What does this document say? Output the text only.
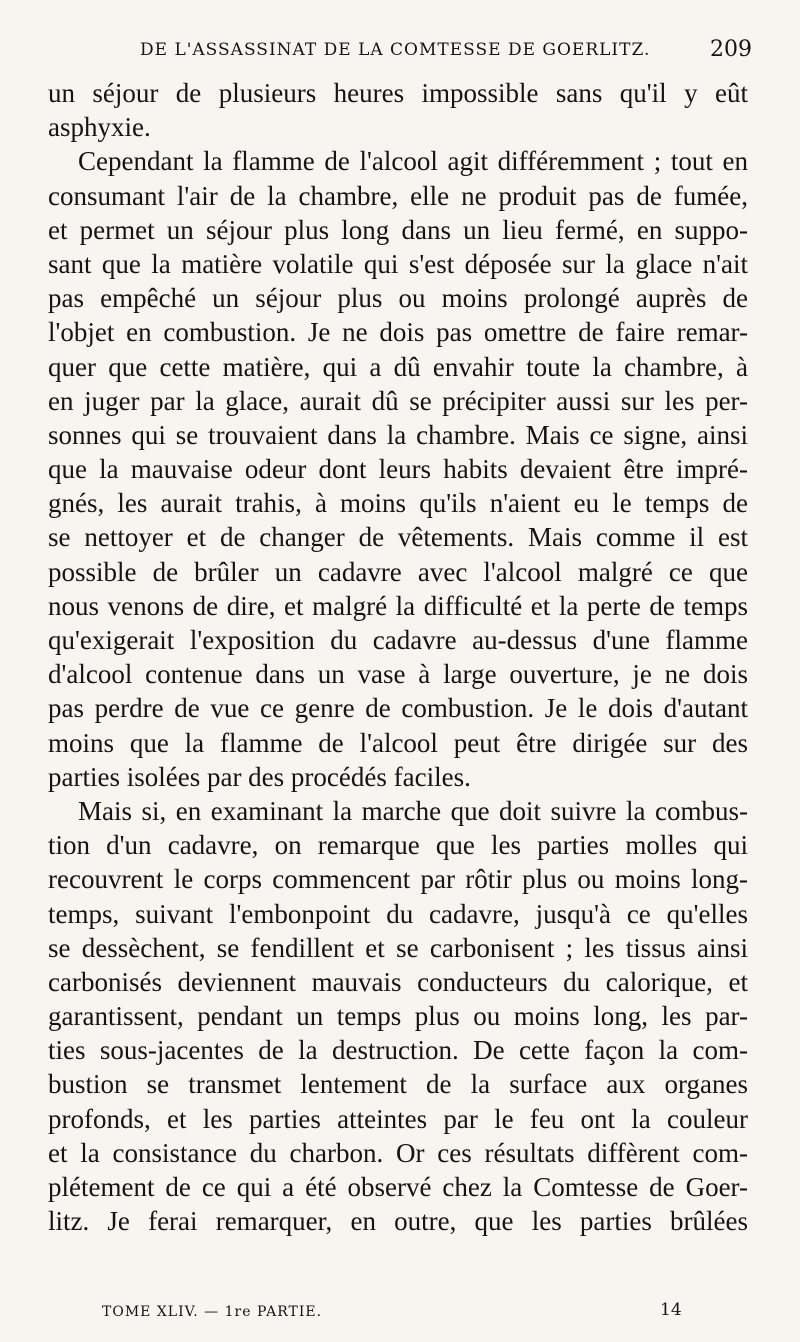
DE L'ASSASSINAT DE LA COMTESSE DE GOERLITZ.	209
un séjour de plusieurs heures impossible sans qu'il y eût
asphyxie.
Cependant la flamme de l'alcool agit différemment ; tout en
consumant l'air de la chambre, elle ne produit pas de fumée,
et permet un séjour plus long dans un lieu fermé, en suppo-
sant que la matière volatile qui s'est déposée sur la glace n'ait
pas empêché un séjour plus ou moins prolongé auprès de
l'objet en combustion. Je ne dois pas omettre de faire remar-
quer que cette matière, qui a dû envahir toute la chambre, à
en juger par la glace, aurait dû se précipiter aussi sur les per-
sonnes qui se trouvaient dans la chambre. Mais ce signe, ainsi
que la mauvaise odeur dont leurs habits devaient être impré-
gnés, les aurait trahis, à moins qu'ils n'aient eu le temps de
se nettoyer et de changer de vêtements. Mais comme il est
possible de brûler un cadavre avec l'alcool malgré ce que
nous venons de dire, et malgré la difficulté et la perte de temps
qu'exigerait l'exposition du cadavre au-dessus d'une flamme
d'alcool contenue dans un vase à large ouverture, je ne dois
pas perdre de vue ce genre de combustion. Je le dois d'autant
moins que la flamme de l'alcool peut être dirigée sur des
parties isolées par des procédés faciles.
Mais si, en examinant la marche que doit suivre la combus-
tion d'un cadavre, on remarque que les parties molles qui
recouvrent le corps commencent par rôtir plus ou moins long-
temps, suivant l'embonpoint du cadavre, jusqu'à ce qu'elles
se dessèchent, se fendillent et se carbonisent ; les tissus ainsi
carbonisés deviennent mauvais conducteurs du calorique, et
garantissent, pendant un temps plus ou moins long, les par-
ties sous-jacentes de la destruction. De cette façon la com-
bustion se transmet lentement de la surface aux organes
profonds, et les parties atteintes par le feu ont la couleur
et la consistance du charbon. Or ces résultats diffèrent com-
plétement de ce qui a été observé chez la Comtesse de Goer-
litz. Je ferai remarquer, en outre, que les parties brûlées
TOME XLIV. — 1re PARTIE.	14
